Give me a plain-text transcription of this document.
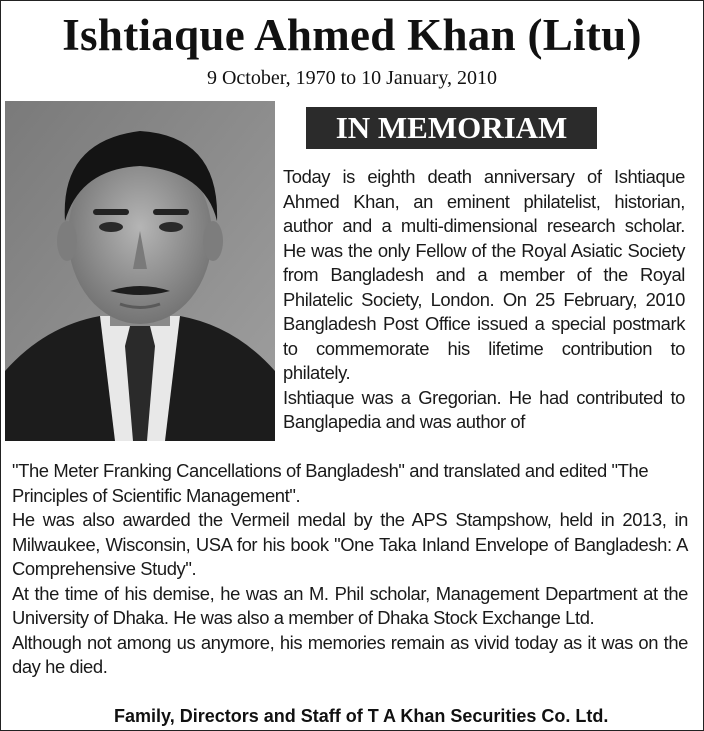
Ishtiaque Ahmed Khan (Litu)
9 October, 1970 to 10 January, 2010
IN MEMORIAM

Today is eighth death anniversary of Ishtiaque Ahmed Khan, an eminent philatelist, historian, author and a multi-dimensional research scholar. He was the only Fellow of the Royal Asiatic Society from Bangladesh and a member of the Royal Philatelic Society, London. On 25 February, 2010 Bangladesh Post Office issued a special postmark to commemorate his lifetime contribution to philately.

Ishtiaque was a Gregorian. He had contributed to Banglapedia and was author of

"The Meter Franking Cancellations of Bangladesh" and translated and edited "The Principles of Scientific Management".

He was also awarded the Vermeil medal by the APS Stampshow, held in 2013, in Milwaukee, Wisconsin, USA for his book "One Taka Inland Envelope of Bangladesh: A Comprehensive Study".

At the time of his demise, he was an M. Phil scholar, Management Department at the University of Dhaka. He was also a member of Dhaka Stock Exchange Ltd.

Although not among us anymore, his memories remain as vivid today as it was on the day he died.

Family, Directors and Staff of T A Khan Securities Co. Ltd.
